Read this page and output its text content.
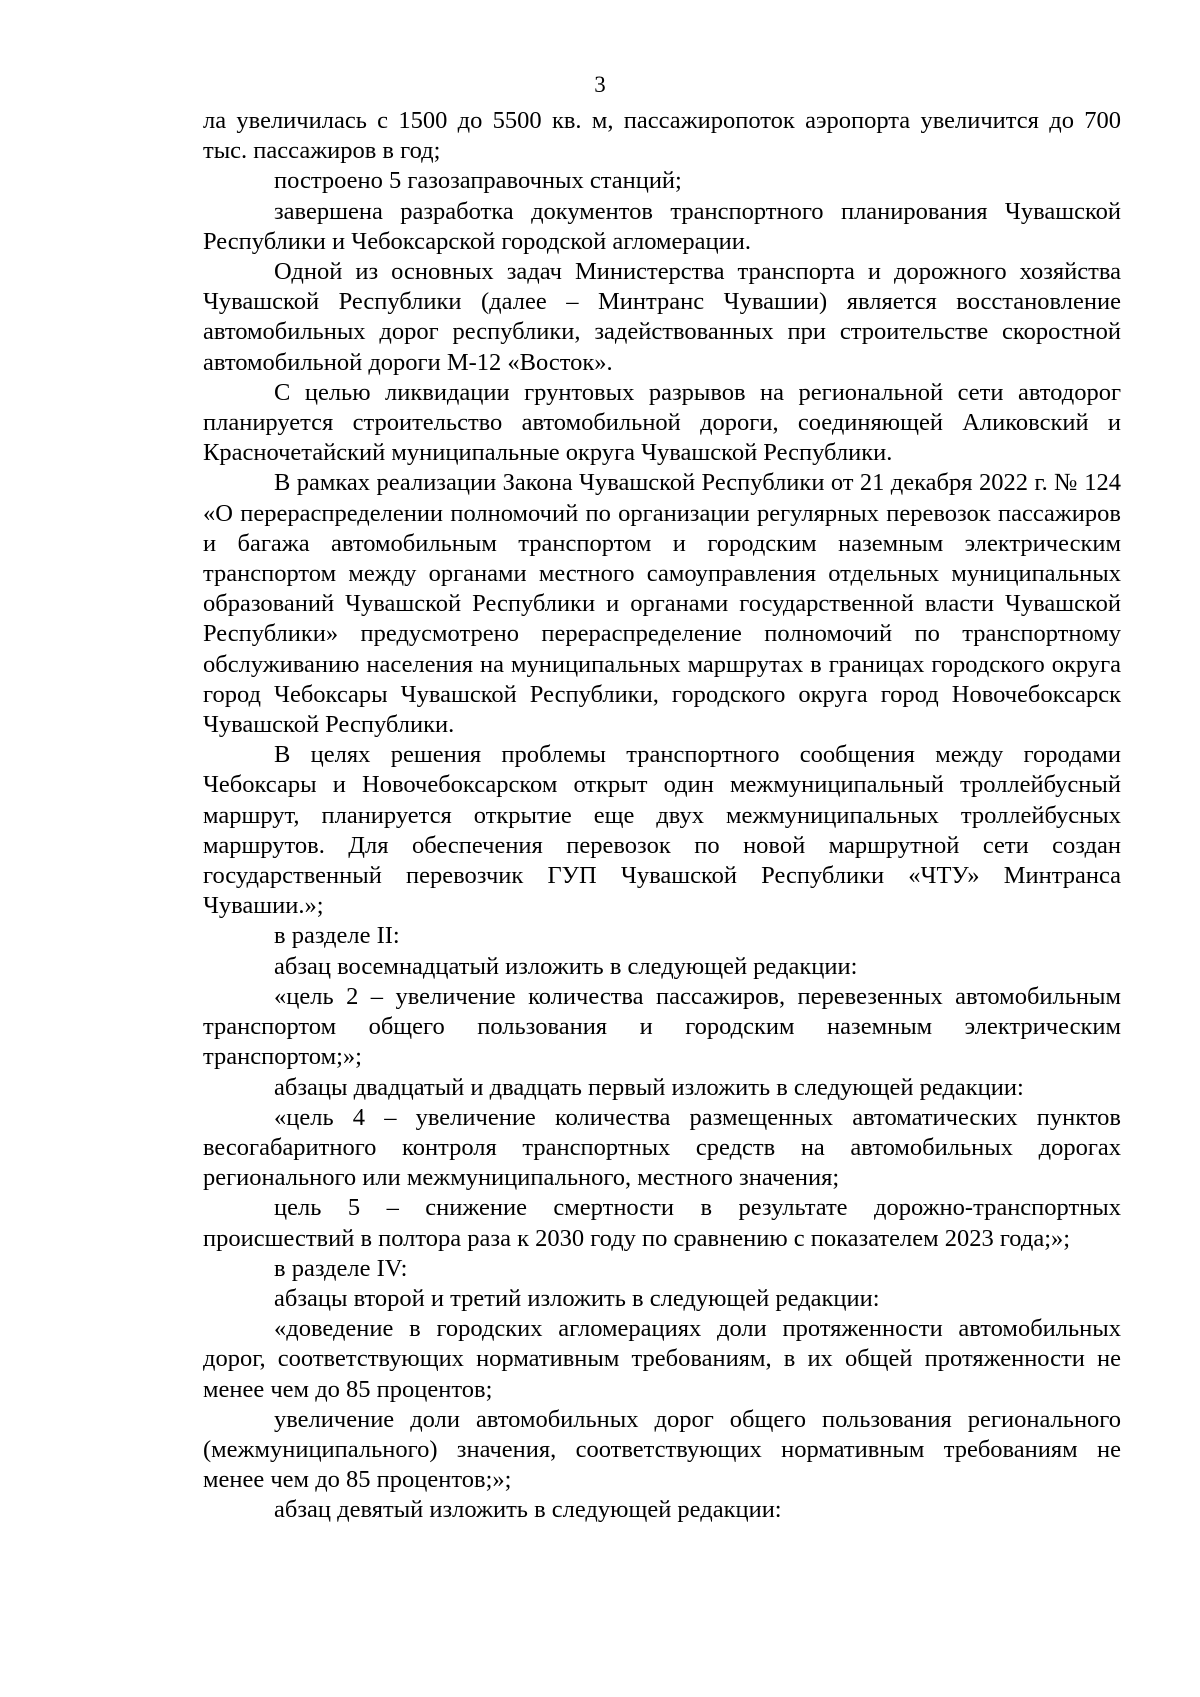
3

ла увеличилась с 1500 до 5500 кв. м, пассажиропоток аэропорта увеличится до 700 тыс. пассажиров в год;

построено 5 газозаправочных станций;

завершена разработка документов транспортного планирования Чувашской Республики и Чебоксарской городской агломерации.

Одной из основных задач Министерства транспорта и дорожного хозяйства Чувашской Республики (далее – Минтранс Чувашии) является восстановление автомобильных дорог республики, задействованных при строительстве скоростной автомобильной дороги М-12 «Восток».

С целью ликвидации грунтовых разрывов на региональной сети автодорог планируется строительство автомобильной дороги, соединяющей Аликовский и Красночетайский муниципальные округа Чувашской Республики.

В рамках реализации Закона Чувашской Республики от 21 декабря 2022 г. № 124 «О перераспределении полномочий по организации регулярных перевозок пассажиров и багажа автомобильным транспортом и городским наземным электрическим транспортом между органами местного самоуправления отдельных муниципальных образований Чувашской Республики и органами государственной власти Чувашской Республики» предусмотрено перераспределение полномочий по транспортному обслуживанию населения на муниципальных маршрутах в границах городского округа город Чебоксары Чувашской Республики, городского округа город Новочебоксарск Чувашской Республики.

В целях решения проблемы транспортного сообщения между городами Чебоксары и Новочебоксарском открыт один межмуниципальный троллейбусный маршрут, планируется открытие еще двух межмуниципальных троллейбусных маршрутов. Для обеспечения перевозок по новой маршрутной сети создан государственный перевозчик ГУП Чувашской Республики «ЧТУ» Минтранса Чувашии.»;

в разделе II:

абзац восемнадцатый изложить в следующей редакции:

«цель 2 – увеличение количества пассажиров, перевезенных автомобильным транспортом общего пользования и городским наземным электрическим транспортом;»;

абзацы двадцатый и двадцать первый изложить в следующей редакции:

«цель 4 – увеличение количества размещенных автоматических пунктов весогабаритного контроля транспортных средств на автомобильных дорогах регионального или межмуниципального, местного значения;

цель 5 – снижение смертности в результате дорожно-транспортных происшествий в полтора раза к 2030 году по сравнению с показателем 2023 года;»;

в разделе IV:

абзацы второй и третий изложить в следующей редакции:

«доведение в городских агломерациях доли протяженности автомобильных дорог, соответствующих нормативным требованиям, в их общей протяженности не менее чем до 85 процентов;

увеличение доли автомобильных дорог общего пользования регионального (межмуниципального) значения, соответствующих нормативным требованиям не менее чем до 85 процентов;»;

абзац девятый изложить в следующей редакции:
